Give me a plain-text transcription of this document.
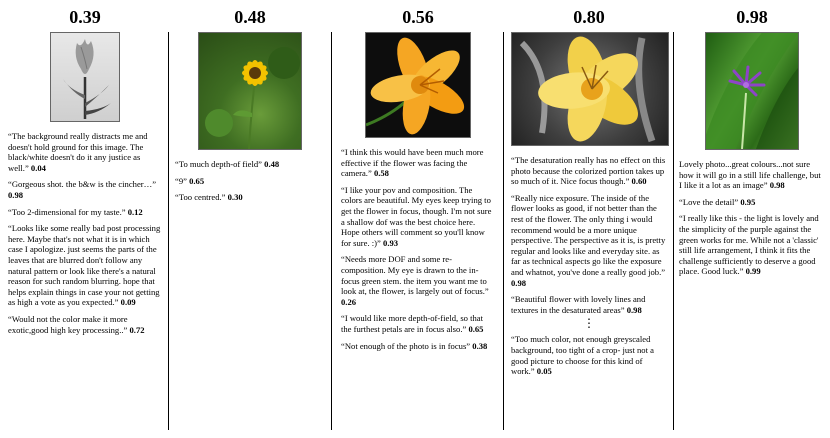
0.39

“The background really distracts me and doesn't hold ground for this image. The black/white doesn't do it any justice as well.” 0.04

“Gorgeous shot. the b&w is the cincher…” 0.98

“Too 2-dimensional for my taste.” 0.12

“Looks like some really bad post processing here. Maybe that's not what it is in which case I apologize. just seems the parts of the leaves that are blurred don't follow any natural pattern or look like there's a natural reason for such random blurring. hope that helps explain things in case your not getting as high a vote as you expected.” 0.09

“Would not the color make it more exotic,good high key processing..” 0.72

0.48

“To much depth-of field” 0.48

“9” 0.65

“Too centred.” 0.30

0.56

“I think this would have been much more effective if the flower was facing the camera.” 0.58

“I like your pov and composition. The colors are beautiful. My eyes keep trying to get the flower in focus, though. I'm not sure a shallow dof was the best choice here. Hope others will comment so you'll know for sure. :)” 0.93

“Needs more DOF and some re-composition. My eye is drawn to the in-focus green stem. the item you want me to look at, the flower, is largely out of focus.” 0.26

“I would like more depth-of-field, so that the furthest petals are in focus also.” 0.65

“Not enough of the photo is in focus” 0.38

0.80

“The desaturation really has no effect on this photo because the colorized portion takes up so much of it. Nice focus though.” 0.60

“Really nice exposure. The inside of the flower looks as good, if not better than the rest of the flower. The only thing i would recommend would be a more unique perspective. The perspective as it is, is pretty regular and looks like and everyday site. as far as technical aspects go like the exposure and whatnot, you've done a really good job.” 0.98

“Beautiful flower with lovely lines and textures in the desaturated areas” 0.98

⋮

“Too much color, not enough greyscaled background, too tight of a crop- just not a good picture to choose for this kind of work.” 0.05

0.98

Lovely photo...great colours...not sure how it will go in a still life challenge, but I like it a lot as an image” 0.98

“Love the detail” 0.95

“I really like this - the light is lovely and the simplicity of the purple against the green works for me. While not a 'classic' still life arrangement, I think it fits the challenge sufficiently to deserve a good place. Good luck.” 0.99
